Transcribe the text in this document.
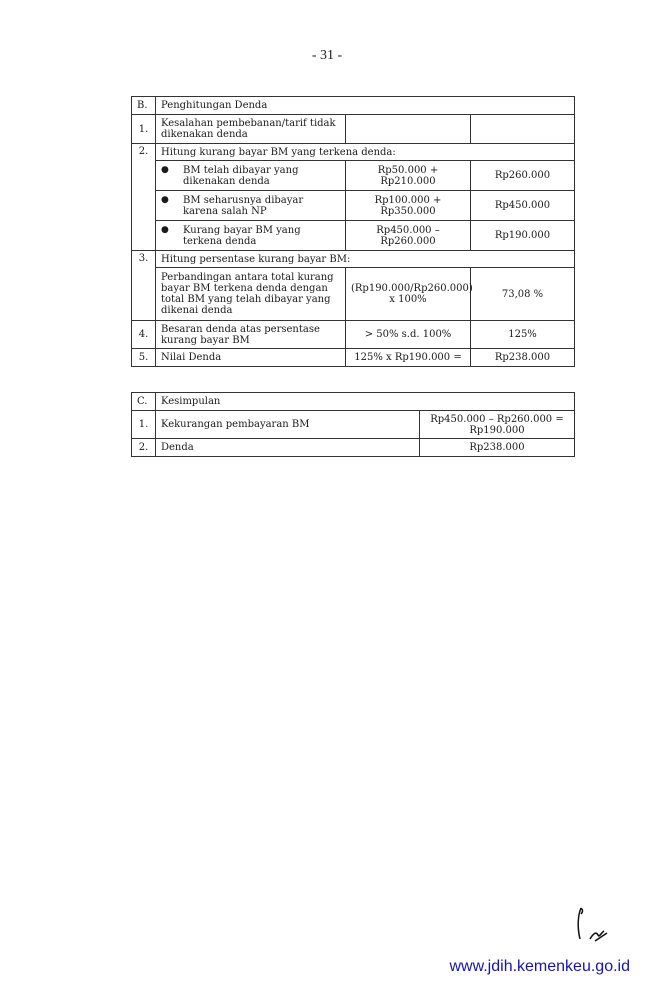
- 31 -
B.	Penghitungan Denda		
1.	Kesalahan pembebanan/tarif tidak dikenakan denda		
2.	Hitung kurang bayar BM yang terkena denda:		

	● BM telah dibayar yang dikenakan denda	Rp50.000 + Rp210.000	Rp260.000

	● BM seharusnya dibayar karena salah NP	Rp100.000 + Rp350.000	Rp450.000

	● Kurang bayar BM yang terkena denda	Rp450.000 – Rp260.000	Rp190.000
3.	Hitung persentase kurang bayar BM:		
	Perbandingan antara total kurang bayar BM terkena denda dengan total BM yang telah dibayar yang dikenai denda	(Rp190.000/Rp260.000) x 100%	73,08 %
4.	Besaran denda atas persentase kurang bayar BM	> 50% s.d. 100%	125%
5.	Nilai Denda	125% x Rp190.000 =	Rp238.000
C.	Kesimpulan	
1.	Kekurangan pembayaran BM	Rp450.000 – Rp260.000 = Rp190.000
2.	Denda	Rp238.000
www.jdih.kemenkeu.go.id
